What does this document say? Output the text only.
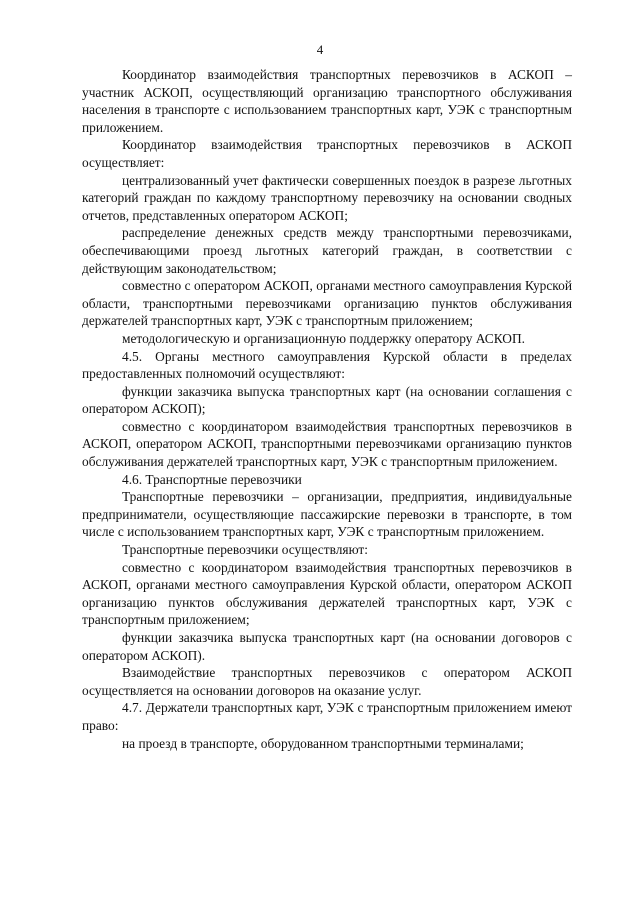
4

Координатор взаимодействия транспортных перевозчиков в АСКОП – участник АСКОП, осуществляющий организацию транспортного обслуживания населения в транспорте с использованием транспортных карт, УЭК с транспортным приложением.

Координатор взаимодействия транспортных перевозчиков в АСКОП осуществляет:

централизованный учет фактически совершенных поездок в разрезе льготных категорий граждан по каждому транспортному перевозчику на основании сводных отчетов, представленных оператором АСКОП;

распределение денежных средств между транспортными перевозчиками, обеспечивающими проезд льготных категорий граждан, в соответствии с действующим законодательством;

совместно с оператором АСКОП, органами местного самоуправления Курской области, транспортными перевозчиками организацию пунктов обслуживания держателей транспортных карт, УЭК с транспортным приложением;

методологическую и организационную поддержку оператору АСКОП.

4.5. Органы местного самоуправления Курской области в пределах предоставленных полномочий осуществляют:

функции заказчика выпуска транспортных карт (на основании соглашения с оператором АСКОП);

совместно с координатором взаимодействия транспортных перевозчиков в АСКОП, оператором АСКОП, транспортными перевозчиками организацию пунктов обслуживания держателей транспортных карт, УЭК с транспортным приложением.

4.6. Транспортные перевозчики

Транспортные перевозчики – организации, предприятия, индивидуальные предприниматели, осуществляющие пассажирские перевозки в транспорте, в том числе с использованием транспортных карт, УЭК с транспортным приложением.

Транспортные перевозчики осуществляют:

совместно с координатором взаимодействия транспортных перевозчиков в АСКОП, органами местного самоуправления Курской области, оператором АСКОП организацию пунктов обслуживания держателей транспортных карт, УЭК с транспортным приложением;

функции заказчика выпуска транспортных карт (на основании договоров с оператором АСКОП).

Взаимодействие транспортных перевозчиков с оператором АСКОП осуществляется на основании договоров на оказание услуг.

4.7. Держатели транспортных карт, УЭК с транспортным приложением имеют право:

на проезд в транспорте, оборудованном транспортными терминалами;
